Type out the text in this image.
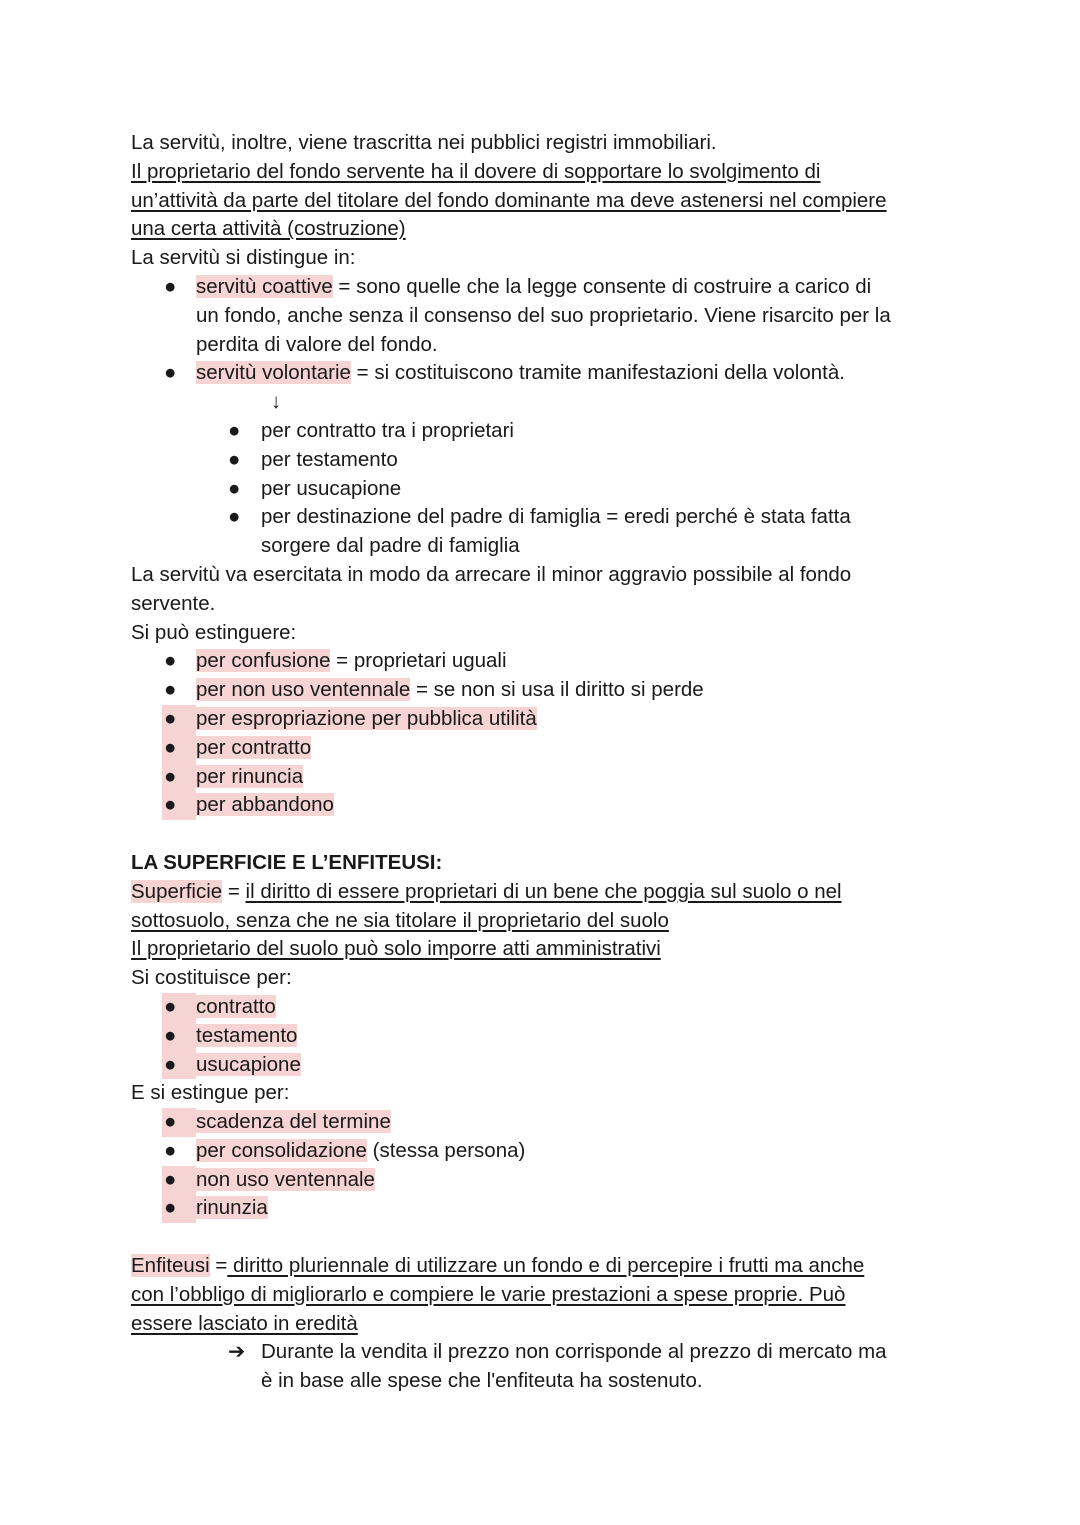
La servitù, inoltre, viene trascritta nei pubblici registri immobiliari.
Il proprietario del fondo servente ha il dovere di sopportare lo svolgimento di
un’attività da parte del titolare del fondo dominante ma deve astenersi nel compiere
una certa attività (costruzione)
La servitù si distingue in:
● servitù coattive = sono quelle che la legge consente di costruire a carico di
un fondo, anche senza il consenso del suo proprietario. Viene risarcito per la
perdita di valore del fondo.
● servitù volontarie = si costituiscono tramite manifestazioni della volontà.
↓
● per contratto tra i proprietari
● per testamento
● per usucapione
● per destinazione del padre di famiglia = eredi perché è stata fatta
sorgere dal padre di famiglia
La servitù va esercitata in modo da arrecare il minor aggravio possibile al fondo
servente.
Si può estinguere:
● per confusione = proprietari uguali
● per non uso ventennale = se non si usa il diritto si perde
● per espropriazione per pubblica utilità
● per contratto
● per rinuncia
● per abbandono
LA SUPERFICIE E L’ENFITEUSI:
Superficie = il diritto di essere proprietari di un bene che poggia sul suolo o nel
sottosuolo, senza che ne sia titolare il proprietario del suolo
Il proprietario del suolo può solo imporre atti amministrativi
Si costituisce per:
● contratto
● testamento
● usucapione
E si estingue per:
● scadenza del termine
● per consolidazione (stessa persona)
● non uso ventennale
● rinunzia
Enfiteusi = diritto pluriennale di utilizzare un fondo e di percepire i frutti ma anche
con l’obbligo di migliorarlo e compiere le varie prestazioni a spese proprie. Può
essere lasciato in eredità
➔ Durante la vendita il prezzo non corrisponde al prezzo di mercato ma
è in base alle spese che l'enfiteuta ha sostenuto.
